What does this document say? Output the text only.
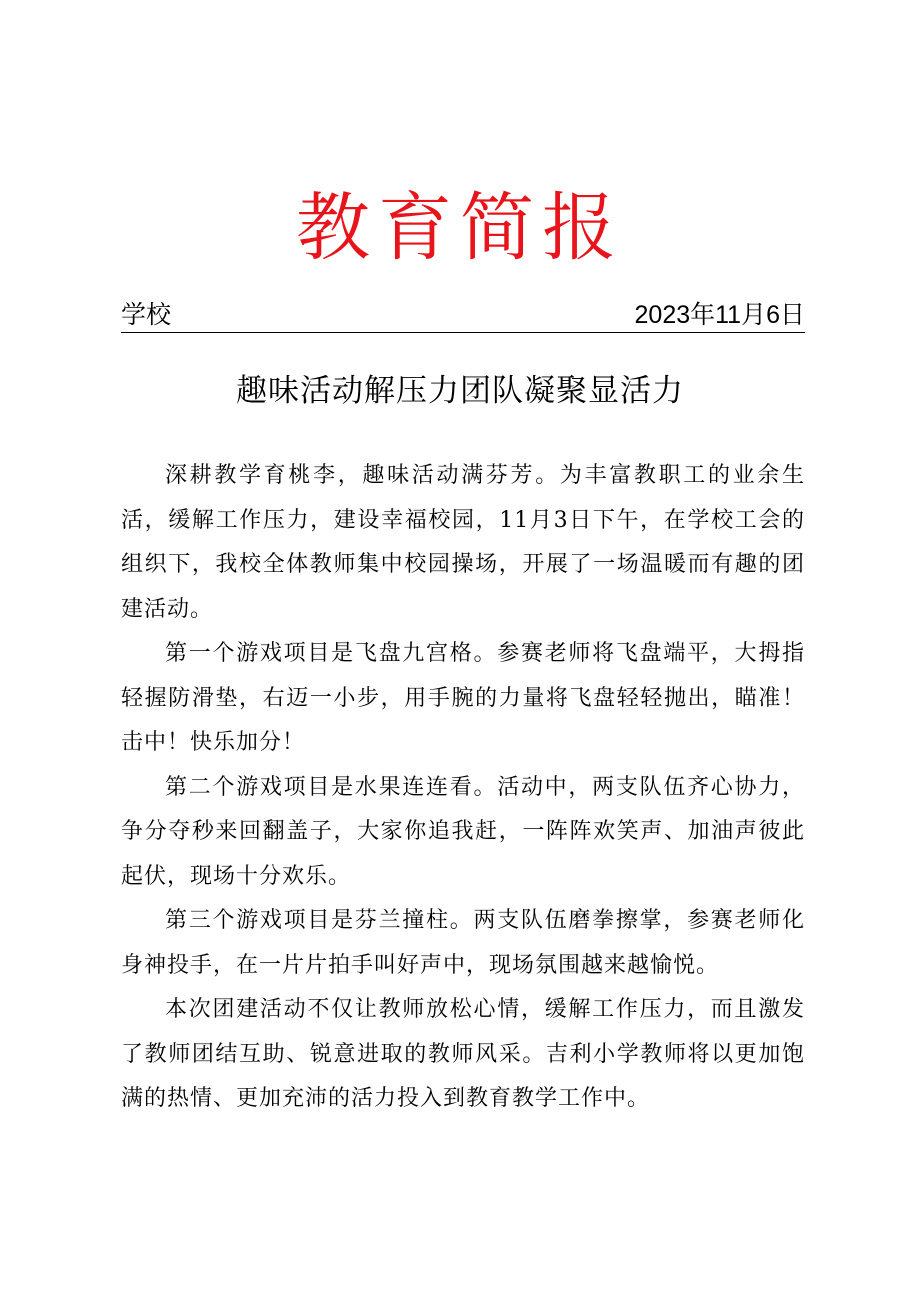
教育简报
学校	2023年11月6日
趣味活动解压力团队凝聚显活力

深耕教学育桃李，趣味活动满芬芳。为丰富教职工的业余生活，缓解工作压力，建设幸福校园，11月3日下午，在学校工会的组织下，我校全体教师集中校园操场，开展了一场温暖而有趣的团建活动。

第一个游戏项目是飞盘九宫格。参赛老师将飞盘端平，大拇指轻握防滑垫，右迈一小步，用手腕的力量将飞盘轻轻抛出，瞄准！击中！快乐加分！

第二个游戏项目是水果连连看。活动中，两支队伍齐心协力，争分夺秒来回翻盖子，大家你追我赶，一阵阵欢笑声、加油声彼此起伏，现场十分欢乐。

第三个游戏项目是芬兰撞柱。两支队伍磨拳擦掌，参赛老师化身神投手，在一片片拍手叫好声中，现场氛围越来越愉悦。

本次团建活动不仅让教师放松心情，缓解工作压力，而且激发了教师团结互助、锐意进取的教师风采。吉利小学教师将以更加饱满的热情、更加充沛的活力投入到教育教学工作中。
